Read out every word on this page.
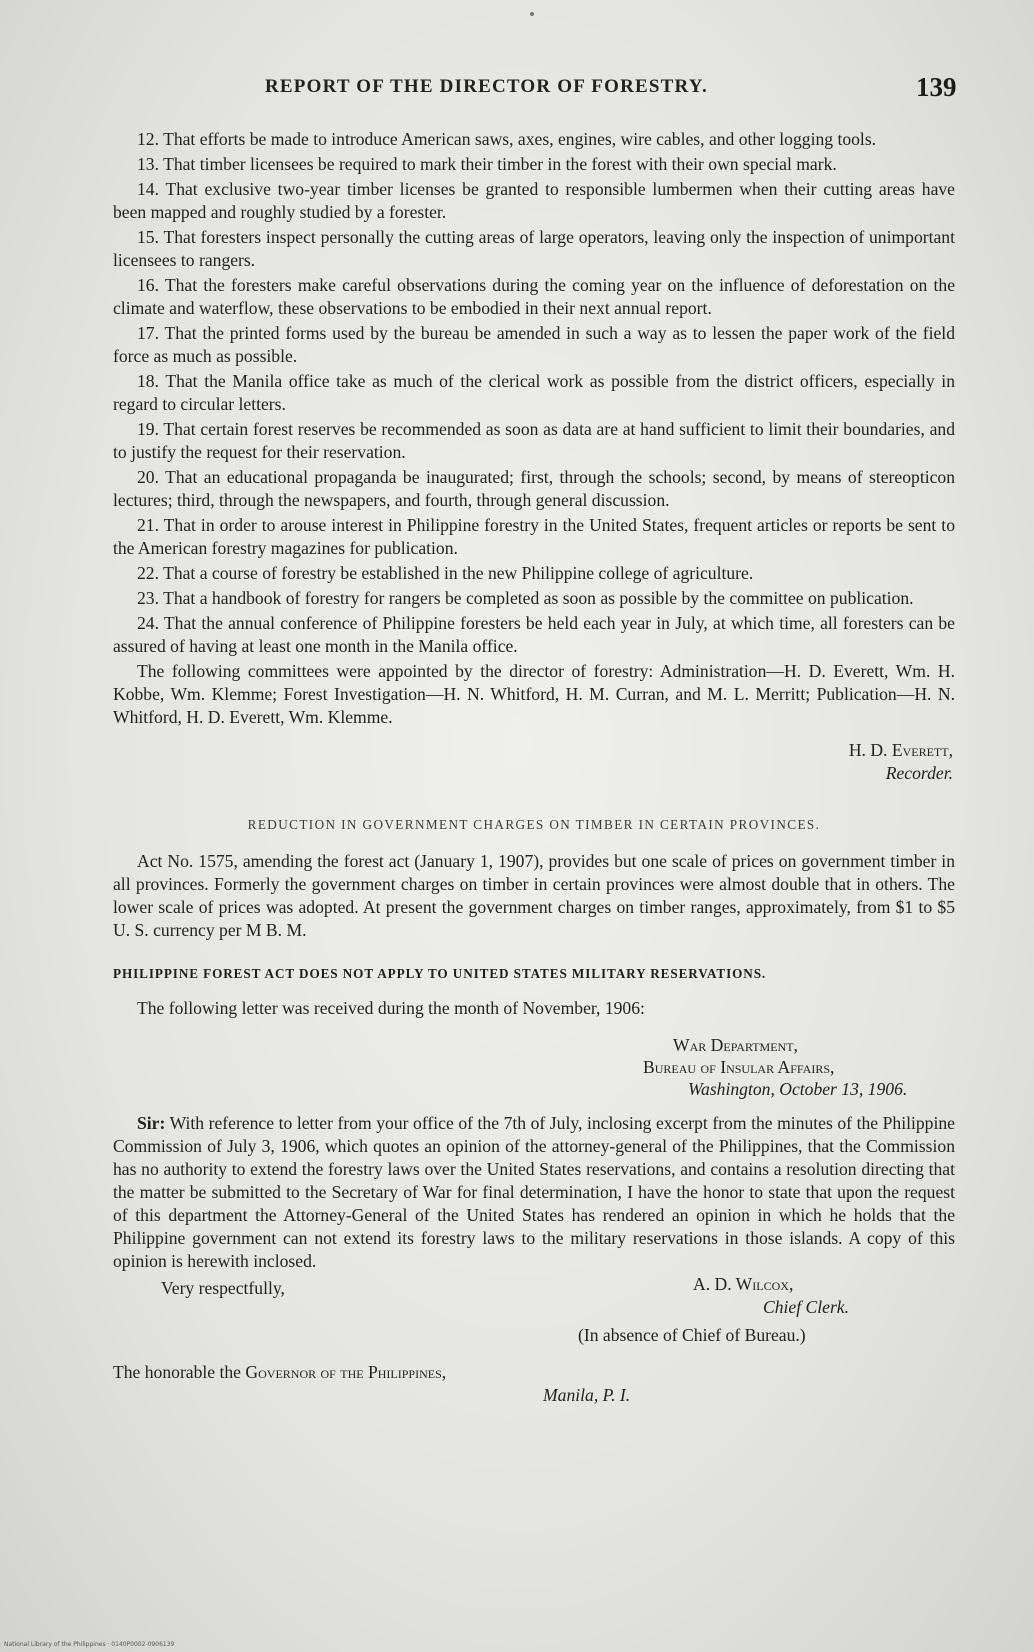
REPORT OF THE DIRECTOR OF FORESTRY.	139

12. That efforts be made to introduce American saws, axes, engines, wire cables, and other logging tools.

13. That timber licensees be required to mark their timber in the forest with their own special mark.

14. That exclusive two-year timber licenses be granted to responsible lumbermen when their cutting areas have been mapped and roughly studied by a forester.

15. That foresters inspect personally the cutting areas of large operators, leaving only the inspection of unimportant licensees to rangers.

16. That the foresters make careful observations during the coming year on the influence of deforestation on the climate and waterflow, these observations to be embodied in their next annual report.

17. That the printed forms used by the bureau be amended in such a way as to lessen the paper work of the field force as much as possible.

18. That the Manila office take as much of the clerical work as possible from the district officers, especially in regard to circular letters.

19. That certain forest reserves be recommended as soon as data are at hand sufficient to limit their boundaries, and to justify the request for their reservation.

20. That an educational propaganda be inaugurated; first, through the schools; second, by means of stereopticon lectures; third, through the newspapers, and fourth, through general discussion.

21. That in order to arouse interest in Philippine forestry in the United States, frequent articles or reports be sent to the American forestry magazines for publication.

22. That a course of forestry be established in the new Philippine college of agriculture.

23. That a handbook of forestry for rangers be completed as soon as possible by the committee on publication.

24. That the annual conference of Philippine foresters be held each year in July, at which time, all foresters can be assured of having at least one month in the Manila office.

The following committees were appointed by the director of forestry: Administration—H. D. Everett, Wm. H. Kobbe, Wm. Klemme; Forest Investigation—H. N. Whitford, H. M. Curran, and M. L. Merritt; Publication—H. N. Whitford, H. D. Everett, Wm. Klemme.

H. D. Everett,
Recorder.
REDUCTION IN GOVERNMENT CHARGES ON TIMBER IN CERTAIN PROVINCES.

Act No. 1575, amending the forest act (January 1, 1907), provides but one scale of prices on government timber in all provinces. Formerly the government charges on timber in certain provinces were almost double that in others. The lower scale of prices was adopted. At present the government charges on timber ranges, approximately, from $1 to $5 U. S. currency per M B. M.

PHILIPPINE FOREST ACT DOES NOT APPLY TO UNITED STATES MILITARY RESERVATIONS.

The following letter was received during the month of November, 1906:

War Department,
Bureau of Insular Affairs,
Washington, October 13, 1906.

Sir: With reference to letter from your office of the 7th of July, inclosing excerpt from the minutes of the Philippine Commission of July 3, 1906, which quotes an opinion of the attorney-general of the Philippines, that the Commission has no authority to extend the forestry laws over the United States reservations, and contains a resolution directing that the matter be submitted to the Secretary of War for final determination, I have the honor to state that upon the request of this department the Attorney-General of the United States has rendered an opinion in which he holds that the Philippine government can not extend its forestry laws to the military reservations in those islands. A copy of this opinion is herewith inclosed.

Very respectfully,	A. D. Wilcox,
Chief Clerk.
(In absence of Chief of Bureau.)

The honorable the Governor of the Philippines,

Manila, P. I.
National Library of the Philippines · 0140P0002-0906139
